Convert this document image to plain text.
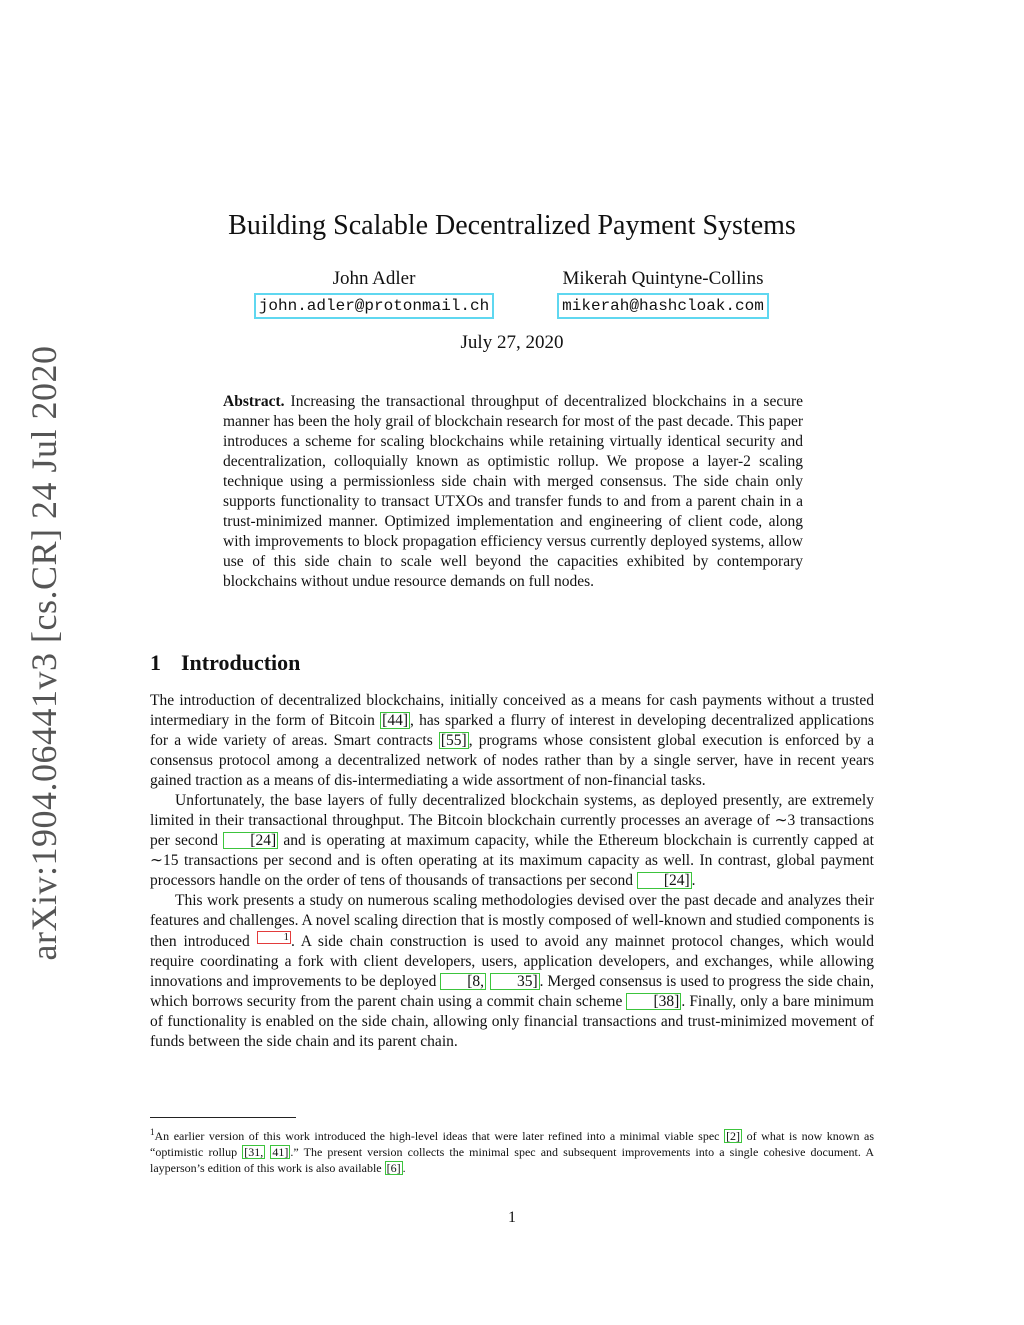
arXiv:1904.06441v3 [cs.CR] 24 Jul 2020
Building Scalable Decentralized Payment Systems
John Adler
john.adler@protonmail.ch
Mikerah Quintyne-Collins
mikerah@hashcloak.com
July 27, 2020

Abstract. Increasing the transactional throughput of decentralized blockchains in a secure manner has been the holy grail of blockchain research for most of the past decade. This paper introduces a scheme for scaling blockchains while retaining virtually identical security and decentralization, colloquially known as optimistic rollup. We propose a layer-2 scaling technique using a permissionless side chain with merged consensus. The side chain only supports functionality to transact UTXOs and transfer funds to and from a parent chain in a trust-minimized manner. Optimized implementation and engineering of client code, along with improvements to block propagation efficiency versus currently deployed systems, allow use of this side chain to scale well beyond the capacities exhibited by contemporary blockchains without undue resource demands on full nodes.

1 Introduction

The introduction of decentralized blockchains, initially conceived as a means for cash payments without a trusted intermediary in the form of Bitcoin [44] , has sparked a flurry of interest in developing decentralized applications for a wide variety of areas. Smart contracts [55] , programs whose consistent global execution is enforced by a consensus protocol among a decentralized network of nodes rather than by a single server, have in recent years gained traction as a means of dis-intermediating a wide assortment of non-financial tasks.

Unfortunately, the base layers of fully decentralized blockchain systems, as deployed presently, are extremely limited in their transactional throughput. The Bitcoin blockchain currently processes an average of ∼3 transactions per second [24] and is operating at maximum capacity, while the Ethereum blockchain is currently capped at ∼15 transactions per second and is often operating at its maximum capacity as well. In contrast, global payment processors handle on the order of tens of thousands of transactions per second [24] .

This work presents a study on numerous scaling methodologies devised over the past decade and analyzes their features and challenges. A novel scaling direction that is mostly composed of well-known and studied components is then introduced 1 . A side chain construction is used to avoid any mainnet protocol changes, which would require coordinating a fork with client developers, users, application developers, and exchanges, while allowing innovations and improvements to be deployed [8, 35] . Merged consensus is used to progress the side chain, which borrows security from the parent chain using a commit chain scheme [38] . Finally, only a bare minimum of functionality is enabled on the side chain, allowing only financial transactions and trust-minimized movement of funds between the side chain and its parent chain.

$^1$An earlier version of this work introduced the high-level ideas that were later refined into a minimal viable spec [2] of what is now known as “optimistic rollup [31, 41] .” The present version collects the minimal spec and subsequent improvements into a single cohesive document. A layperson’s edition of this work is also available [6] .

1
